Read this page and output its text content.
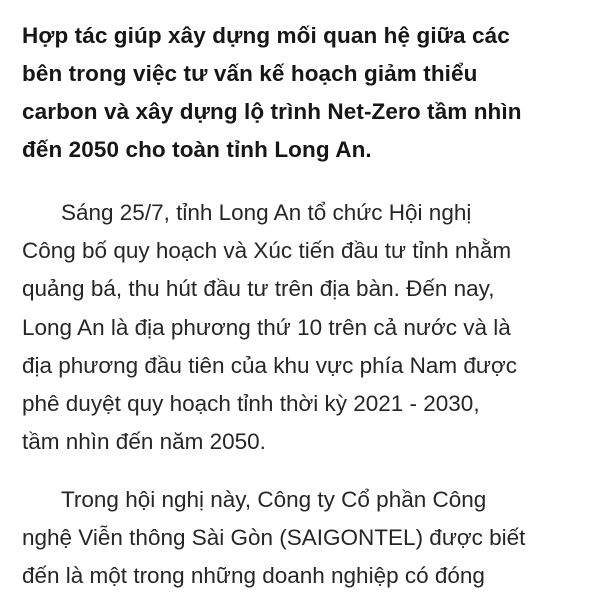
Hợp tác giúp xây dựng mối quan hệ giữa các
bên trong việc tư vấn kế hoạch giảm thiểu
carbon và xây dựng lộ trình Net-Zero tầm nhìn
đến 2050 cho toàn tỉnh Long An.

Sáng 25/7, tỉnh Long An tổ chức Hội nghị
Công bố quy hoạch và Xúc tiến đầu tư tỉnh nhằm
quảng bá, thu hút đầu tư trên địa bàn. Đến nay,
Long An là địa phương thứ 10 trên cả nước và là
địa phương đầu tiên của khu vực phía Nam được
phê duyệt quy hoạch tỉnh thời kỳ 2021 - 2030,
tầm nhìn đến năm 2050.

Trong hội nghị này, Công ty Cổ phần Công
nghệ Viễn thông Sài Gòn (SAIGONTEL) được biết
đến là một trong những doanh nghiệp có đóng
